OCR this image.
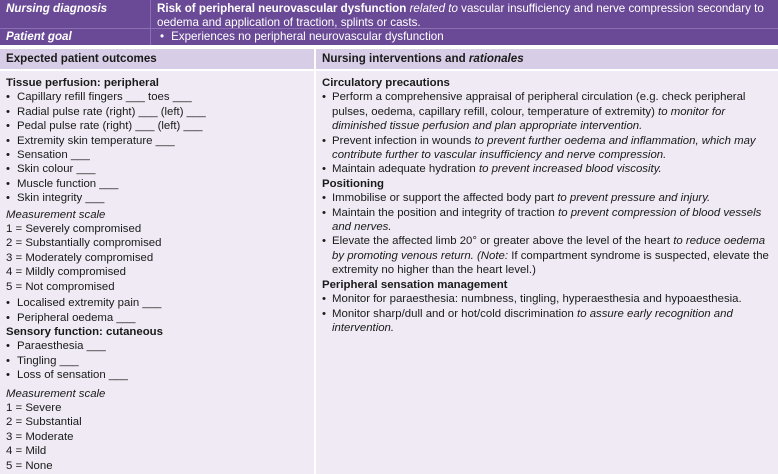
Nursing diagnosis	Risk of peripheral neurovascular dysfunction related to vascular insufficiency and nerve compression secondary to oedema and application of traction, splints or casts.
Patient goal	• Experiences no peripheral neurovascular dysfunction
Expected patient outcomes	Nursing interventions and rationales
Tissue perfusion: peripheral
• Capillary refill fingers ___ toes ___
• Radial pulse rate (right) ___ (left) ___
• Pedal pulse rate (right) ___ (left) ___
• Extremity skin temperature ___
• Sensation ___
• Skin colour ___
• Muscle function ___
• Skin integrity ___
Measurement scale
1 = Severely compromised
2 = Substantially compromised
3 = Moderately compromised
4 = Mildly compromised
5 = Not compromised
• Localised extremity pain ___
• Peripheral oedema ___
Sensory function: cutaneous
• Paraesthesia ___
• Tingling ___
• Loss of sensation ___
Measurement scale
1 = Severe
2 = Substantial
3 = Moderate
4 = Mild
5 = None
Circulatory precautions
• Perform a comprehensive appraisal of peripheral circulation (e.g. check peripheral pulses, oedema, capillary refill, colour, temperature of extremity) to monitor for diminished tissue perfusion and plan appropriate intervention.
• Prevent infection in wounds to prevent further oedema and inflammation, which may contribute further to vascular insufficiency and nerve compression.
• Maintain adequate hydration to prevent increased blood viscosity.
Positioning
• Immobilise or support the affected body part to prevent pressure and injury.
• Maintain the position and integrity of traction to prevent compression of blood vessels and nerves.
• Elevate the affected limb 20° or greater above the level of the heart to reduce oedema by promoting venous return. (Note: If compartment syndrome is suspected, elevate the extremity no higher than the heart level.)
Peripheral sensation management
• Monitor for paraesthesia: numbness, tingling, hyperaesthesia and hypoaesthesia.
• Monitor sharp/dull and or hot/cold discrimination to assure early recognition and intervention.
